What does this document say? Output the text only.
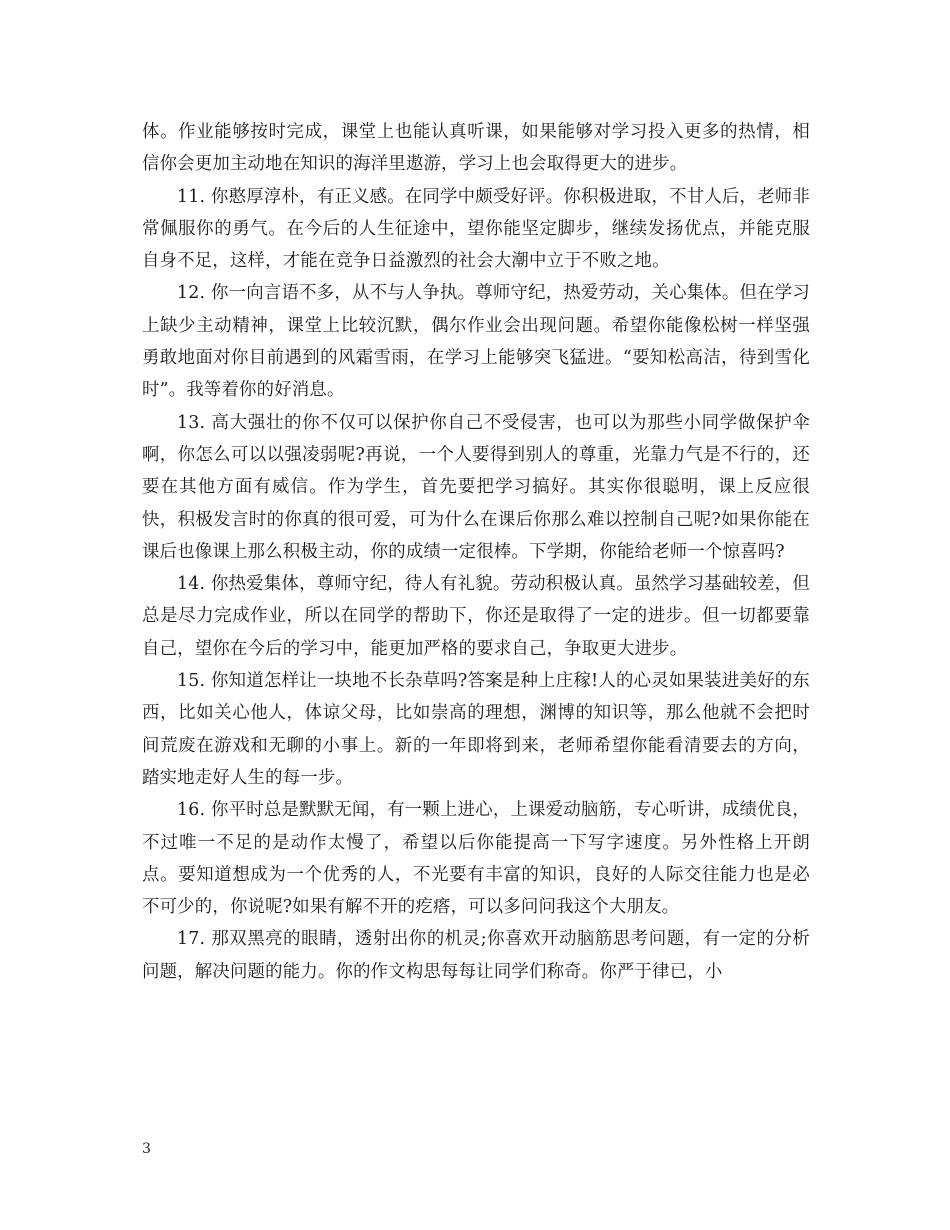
体。作业能够按时完成，课堂上也能认真听课，如果能够对学习投入更多的热情，相信你会更加主动地在知识的海洋里遨游，学习上也会取得更大的进步。

11. 你憨厚淳朴，有正义感。在同学中颇受好评。你积极进取，不甘人后，老师非常佩服你的勇气。在今后的人生征途中，望你能坚定脚步，继续发扬优点，并能克服自身不足，这样，才能在竞争日益激烈的社会大潮中立于不败之地。

12. 你一向言语不多，从不与人争执。尊师守纪，热爱劳动，关心集体。但在学习上缺少主动精神，课堂上比较沉默，偶尔作业会出现问题。希望你能像松树一样坚强勇敢地面对你目前遇到的风霜雪雨，在学习上能够突飞猛进。“要知松高洁，待到雪化时”。我等着你的好消息。

13. 高大强壮的你不仅可以保护你自己不受侵害，也可以为那些小同学做保护伞啊，你怎么可以以强凌弱呢?再说，一个人要得到别人的尊重，光靠力气是不行的，还要在其他方面有威信。作为学生，首先要把学习搞好。其实你很聪明，课上反应很快，积极发言时的你真的很可爱，可为什么在课后你那么难以控制自己呢?如果你能在课后也像课上那么积极主动，你的成绩一定很棒。下学期，你能给老师一个惊喜吗?

14. 你热爱集体，尊师守纪，待人有礼貌。劳动积极认真。虽然学习基础较差，但总是尽力完成作业，所以在同学的帮助下，你还是取得了一定的进步。但一切都要靠自己，望你在今后的学习中，能更加严格的要求自己，争取更大进步。

15. 你知道怎样让一块地不长杂草吗?答案是种上庄稼!人的心灵如果装进美好的东西，比如关心他人，体谅父母，比如崇高的理想，渊博的知识等，那么他就不会把时间荒废在游戏和无聊的小事上。新的一年即将到来，老师希望你能看清要去的方向，踏实地走好人生的每一步。

16. 你平时总是默默无闻，有一颗上进心，上课爱动脑筋，专心听讲，成绩优良，不过唯一不足的是动作太慢了，希望以后你能提高一下写字速度。另外性格上开朗点。要知道想成为一个优秀的人，不光要有丰富的知识，良好的人际交往能力也是必不可少的，你说呢?如果有解不开的疙瘩，可以多问问我这个大朋友。

17. 那双黑亮的眼睛，透射出你的机灵;你喜欢开动脑筋思考问题，有一定的分析问题，解决问题的能力。你的作文构思每每让同学们称奇。你严于律已，小

3
